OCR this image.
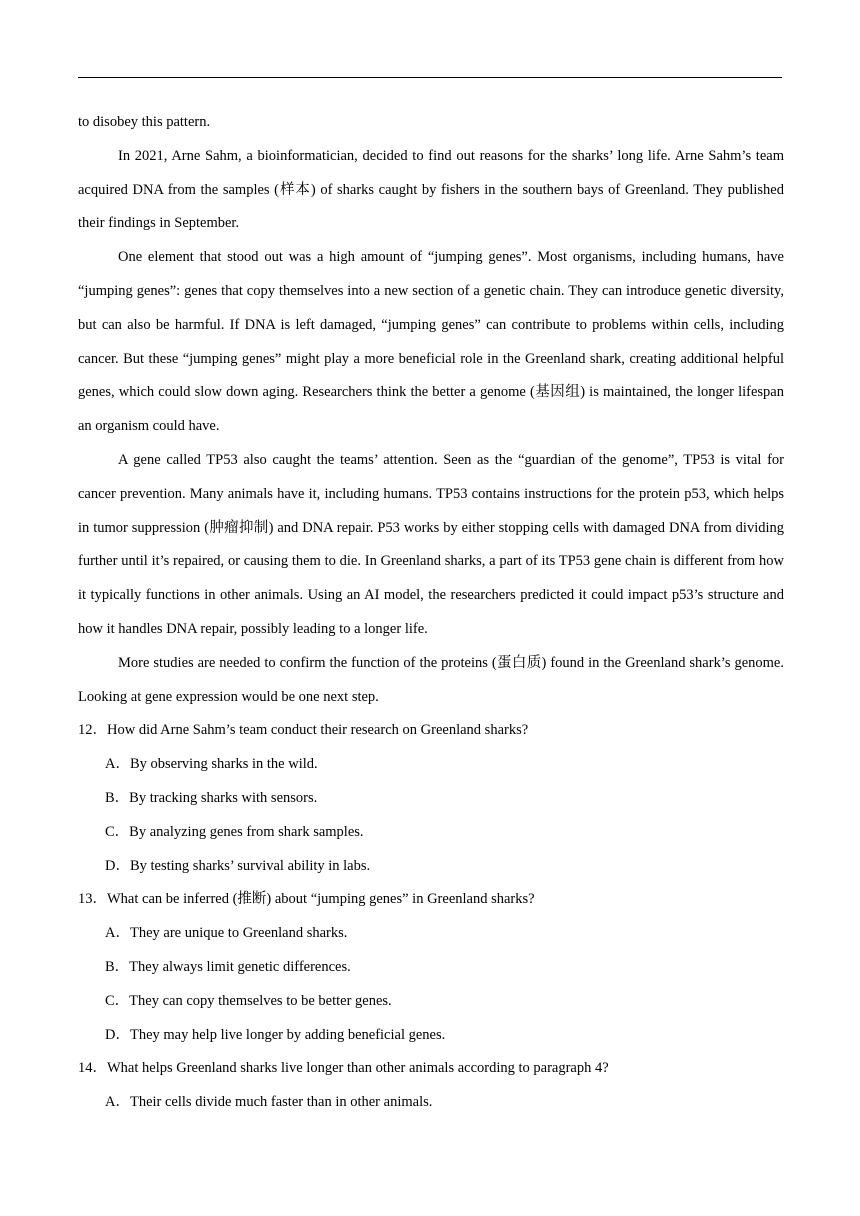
to disobey this pattern.

In 2021, Arne Sahm, a bioinformatician, decided to find out reasons for the sharks’ long life. Arne Sahm’s team acquired DNA from the samples (样本) of sharks caught by fishers in the southern bays of Greenland. They published their findings in September.

One element that stood out was a high amount of “jumping genes”. Most organisms, including humans, have “jumping genes”: genes that copy themselves into a new section of a genetic chain. They can introduce genetic diversity, but can also be harmful. If DNA is left damaged, “jumping genes” can contribute to problems within cells, including cancer. But these “jumping genes” might play a more beneficial role in the Greenland shark, creating additional helpful genes, which could slow down aging. Researchers think the better a genome (基因组) is maintained, the longer lifespan an organism could have.

A gene called TP53 also caught the teams’ attention. Seen as the “guardian of the genome”, TP53 is vital for cancer prevention. Many animals have it, including humans. TP53 contains instructions for the protein p53, which helps in tumor suppression (肿瘤抑制) and DNA repair. P53 works by either stopping cells with damaged DNA from dividing further until it’s repaired, or causing them to die. In Greenland sharks, a part of its TP53 gene chain is different from how it typically functions in other animals. Using an AI model, the researchers predicted it could impact p53’s structure and how it handles DNA repair, possibly leading to a longer life.

More studies are needed to confirm the function of the proteins (蛋白质) found in the Greenland shark’s genome. Looking at gene expression would be one next step.

12．How did Arne Sahm’s team conduct their research on Greenland sharks?

A．By observing sharks in the wild.

B．By tracking sharks with sensors.

C．By analyzing genes from shark samples.

D．By testing sharks’ survival ability in labs.

13．What can be inferred (推断) about “jumping genes” in Greenland sharks?

A．They are unique to Greenland sharks.

B．They always limit genetic differences.

C．They can copy themselves to be better genes.

D．They may help live longer by adding beneficial genes.

14．What helps Greenland sharks live longer than other animals according to paragraph 4?

A．Their cells divide much faster than in other animals.
